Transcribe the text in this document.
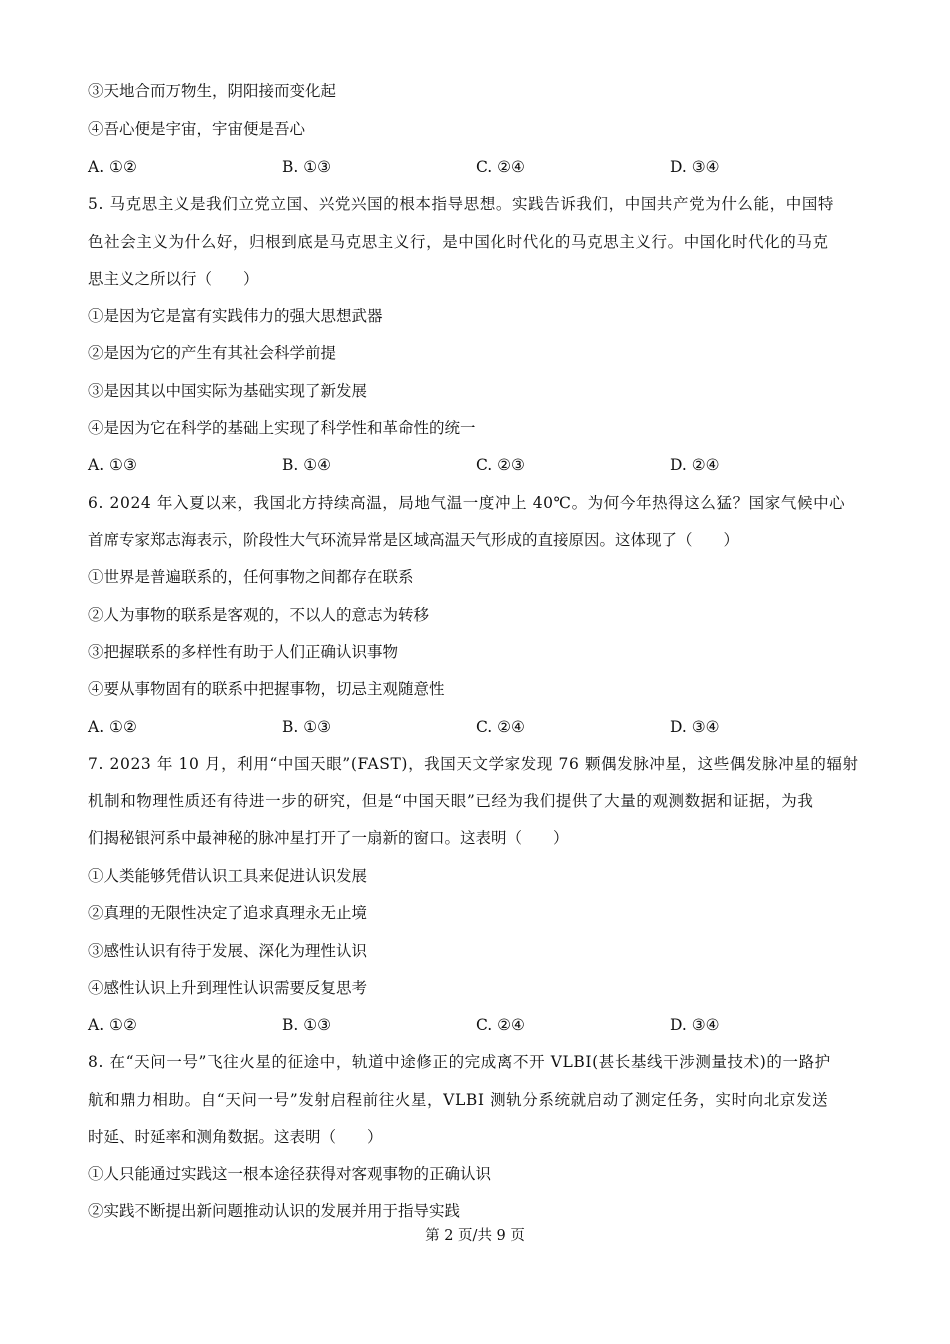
③天地合而万物生，阴阳接而变化起
④吾心便是宇宙，宇宙便是吾心
A. ①②	B. ①③	C. ②④	D. ③④
5. 马克思主义是我们立党立国、兴党兴国的根本指导思想。实践告诉我们，中国共产党为什么能，中国特
色社会主义为什么好，归根到底是马克思主义行，是中国化时代化的马克思主义行。中国化时代化的马克
思主义之所以行（　　）
①是因为它是富有实践伟力的强大思想武器
②是因为它的产生有其社会科学前提
③是因其以中国实际为基础实现了新发展
④是因为它在科学的基础上实现了科学性和革命性的统一
A. ①③	B. ①④	C. ②③	D. ②④
6. 2024 年入夏以来，我国北方持续高温，局地气温一度冲上 40℃。为何今年热得这么猛？国家气候中心
首席专家郑志海表示，阶段性大气环流异常是区域高温天气形成的直接原因。这体现了（　　）
①世界是普遍联系的，任何事物之间都存在联系
②人为事物的联系是客观的，不以人的意志为转移
③把握联系的多样性有助于人们正确认识事物
④要从事物固有的联系中把握事物，切忌主观随意性
A. ①②	B. ①③	C. ②④	D. ③④
7. 2023 年 10 月，利用“中国天眼”(FAST)，我国天文学家发现 76 颗偶发脉冲星，这些偶发脉冲星的辐射
机制和物理性质还有待进一步的研究，但是“中国天眼”已经为我们提供了大量的观测数据和证据，为我
们揭秘银河系中最神秘的脉冲星打开了一扇新的窗口。这表明（　　）
①人类能够凭借认识工具来促进认识发展
②真理的无限性决定了追求真理永无止境
③感性认识有待于发展、深化为理性认识
④感性认识上升到理性认识需要反复思考
A. ①②	B. ①③	C. ②④	D. ③④
8. 在“天问一号”飞往火星的征途中，轨道中途修正的完成离不开 VLBI(甚长基线干涉测量技术)的一路护
航和鼎力相助。自“天问一号”发射启程前往火星，VLBI 测轨分系统就启动了测定任务，实时向北京发送
时延、时延率和测角数据。这表明（　　）
①人只能通过实践这一根本途径获得对客观事物的正确认识
②实践不断提出新问题推动认识的发展并用于指导实践
第 2 页/共 9 页
